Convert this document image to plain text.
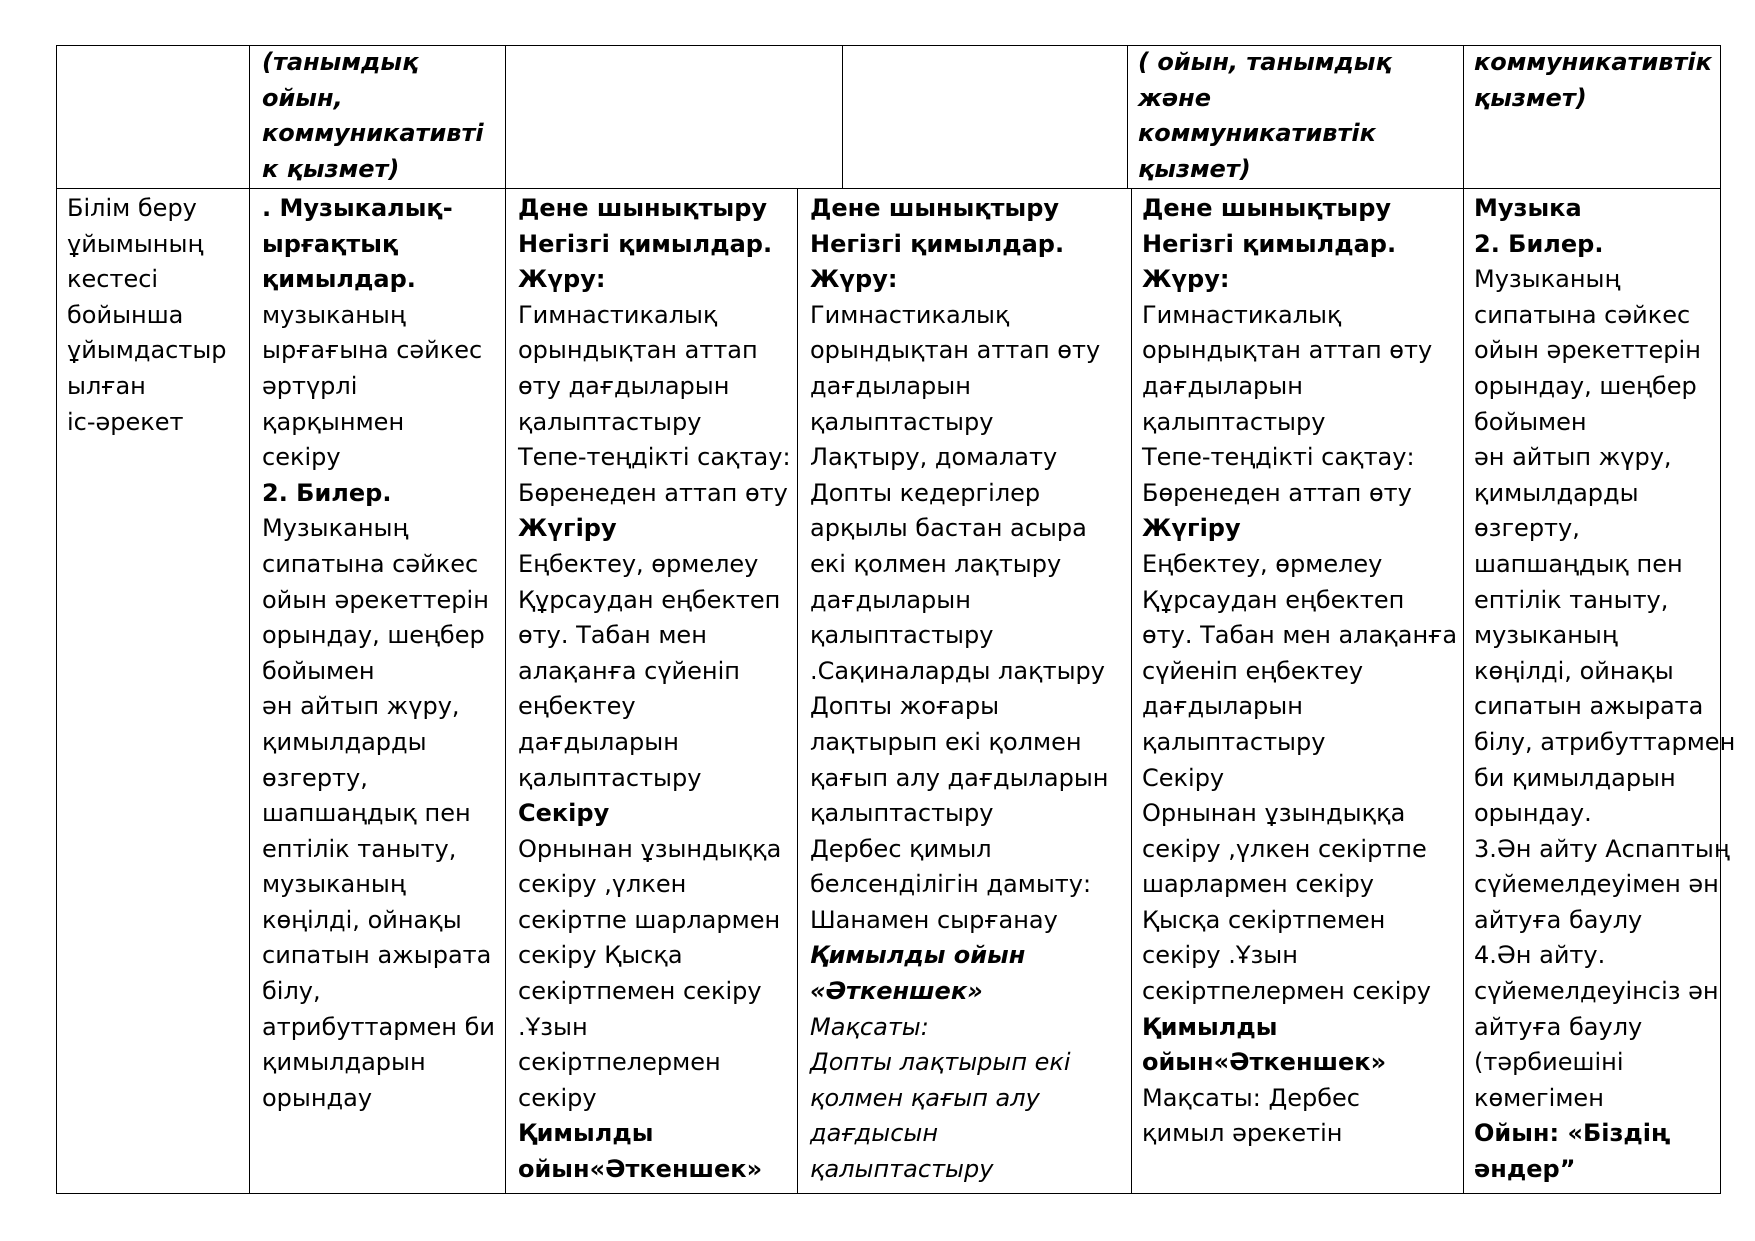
(танымдық
ойын,
коммуникативті
к қызмет)
( ойын, танымдық
және
коммуникативтік
қызмет)
коммуникативтік
қызмет)
Білім беру
ұйымының
кестесі
бойынша
ұйымдастыр
ылған
іс-әрекет
. Музыкалық-
ырғақтық
қимылдар.
музыканың
ырғағына сәйкес
әртүрлі
қарқынмен
секіру
2. Билер.
Музыканың
сипатына сәйкес
ойын әрекеттерін
орындау, шеңбер
бойымен
ән айтып жүру,
қимылдарды
өзгерту,
шапшаңдық пен
ептілік таныту,
музыканың
көңілді, ойнақы
сипатын ажырата
білу,
атрибуттармен би
қимылдарын
орындау
Дене шынықтыру
Негізгі қимылдар.
Жүру:
Гимнастикалық
орындықтан аттап
өту дағдыларын
қалыптастыру
Тепе-теңдікті сақтау:
Бөренеден аттап өту
Жүгіру
Еңбектеу, өрмелеу
Құрсаудан еңбектеп
өту. Табан мен
алақанға сүйеніп
еңбектеу
дағдыларын
қалыптастыру
Секіру
Орнынан ұзындыққа
секіру ,үлкен
секіртпе шарлармен
секіру Қысқа
секіртпемен секіру
.Ұзын
секіртпелермен
секіру
Қимылды
ойын«Әткеншек»
Дене шынықтыру
Негізгі қимылдар.
Жүру:
Гимнастикалық
орындықтан аттап өту
дағдыларын
қалыптастыру
Лақтыру, домалату
Допты кедергілер
арқылы бастан асыра
екі қолмен лақтыру
дағдыларын
қалыптастыру
.Сақиналарды лақтыру
Допты жоғары
лақтырып екі қолмен
қағып алу дағдыларын
қалыптастыру
Дербес қимыл
белсенділігін дамыту:
Шанамен сырғанау
Қимылды ойын
«Әткеншек»
Мақсаты:
Допты лақтырып екі
қолмен қағып алу
дағдысын
қалыптастыру
Дене шынықтыру
Негізгі қимылдар.
Жүру:
Гимнастикалық
орындықтан аттап өту
дағдыларын
қалыптастыру
Тепе-теңдікті сақтау:
Бөренеден аттап өту
Жүгіру
Еңбектеу, өрмелеу
Құрсаудан еңбектеп
өту. Табан мен алақанға
сүйеніп еңбектеу
дағдыларын
қалыптастыру
Секіру
Орнынан ұзындыққа
секіру ,үлкен секіртпе
шарлармен секіру
Қысқа секіртпемен
секіру .Ұзын
секіртпелермен секіру
Қимылды
ойын«Әткеншек»
Мақсаты: Дербес
қимыл әрекетін
Музыка
2. Билер.
Музыканың
сипатына сәйкес
ойын әрекеттерін
орындау, шеңбер
бойымен
ән айтып жүру,
қимылдарды
өзгерту,
шапшаңдық пен
ептілік таныту,
музыканың
көңілді, ойнақы
сипатын ажырата
білу, атрибуттармен
би қимылдарын
орындау.
3.Ән айту Аспаптың
сүйемелдеуімен ән
айтуға баулу
4.Ән айту.
сүйемелдеуінсіз ән
айтуға баулу
(тәрбиешіні
көмегімен
Ойын: «Біздің
әндер”
